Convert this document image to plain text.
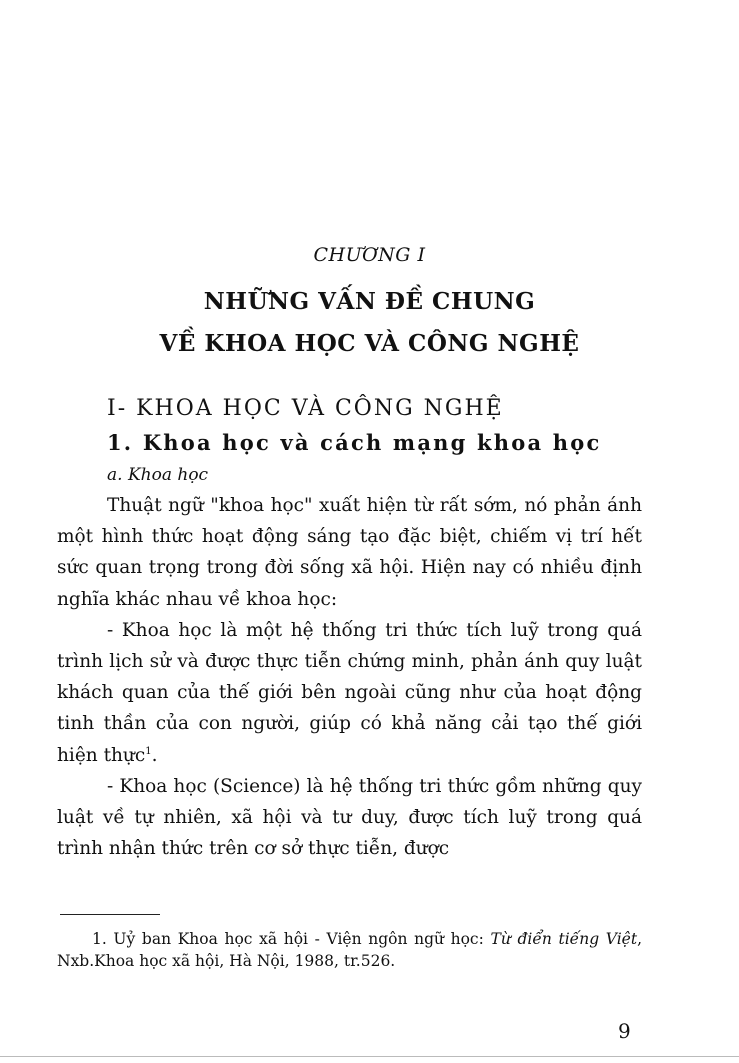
CHƯƠNG I
NHỮNG VẤN ĐỀ CHUNG
VỀ KHOA HỌC VÀ CÔNG NGHỆ
I- KHOA HỌC VÀ CÔNG NGHỆ
1. Khoa học và cách mạng khoa học
a. Khoa học

Thuật ngữ "khoa học" xuất hiện từ rất sớm, nó phản ánh một hình thức hoạt động sáng tạo đặc biệt, chiếm vị trí hết sức quan trọng trong đời sống xã hội. Hiện nay có nhiều định nghĩa khác nhau về khoa học:

- Khoa học là một hệ thống tri thức tích luỹ trong quá trình lịch sử và được thực tiễn chứng minh, phản ánh quy luật khách quan của thế giới bên ngoài cũng như của hoạt động tinh thần của con người, giúp có khả năng cải tạo thế giới hiện thực$^1$.

- Khoa học (Science) là hệ thống tri thức gồm những quy luật về tự nhiên, xã hội và tư duy, được tích luỹ trong quá trình nhận thức trên cơ sở thực tiễn, được

1. Uỷ ban Khoa học xã hội - Viện ngôn ngữ học: Từ điển tiếng Việt, Nxb.Khoa học xã hội, Hà Nội, 1988, tr.526.

9
